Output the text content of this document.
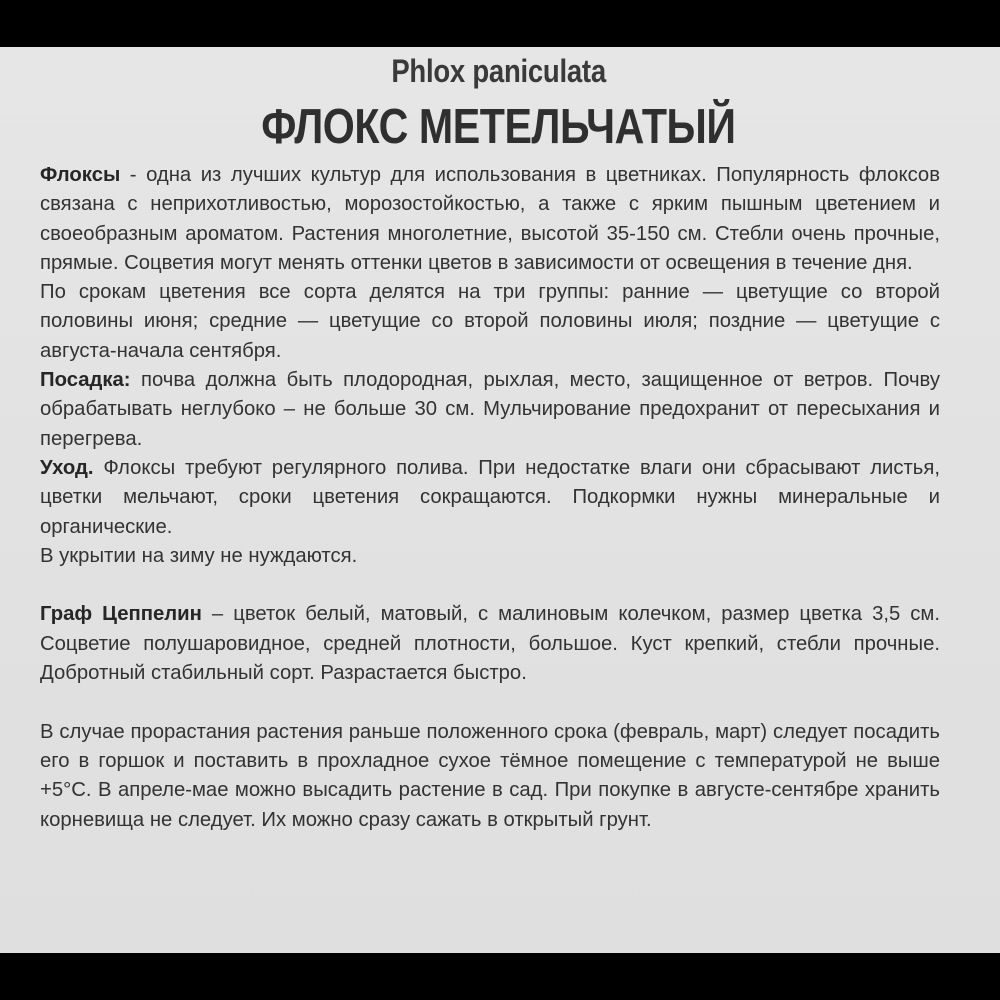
Phlox paniculata
ФЛОКС МЕТЕЛЬЧАТЫЙ

Флоксы - одна из лучших культур для использования в цветниках. Популярность флоксов связана с неприхотливостью, морозостойкостью, а также с ярким пышным цветением и своеобразным ароматом. Растения многолетние, высотой 35-150 см. Стебли очень прочные, прямые. Соцветия могут менять оттенки цветов в зависимости от освещения в течение дня.

По срокам цветения все сорта делятся на три группы: ранние — цветущие со второй половины июня; средние — цветущие со второй половины июля; поздние — цветущие с августа-начала сентября.

Посадка: почва должна быть плодородная, рыхлая, место, защищенное от ветров. Почву обрабатывать неглубоко – не больше 30 см. Мульчирование предохранит от пересыхания и перегрева.

Уход. Флоксы требуют регулярного полива. При недостатке влаги они сбрасывают листья, цветки мельчают, сроки цветения сокращаются. Подкормки нужны минеральные и органические.

В укрытии на зиму не нуждаются.

Граф Цеппелин – цветок белый, матовый, с малиновым колечком, размер цветка 3,5 см. Соцветие полушаровидное, средней плотности, большое. Куст крепкий, стебли прочные. Добротный стабильный сорт. Разрастается быстро.

В случае прорастания растения раньше положенного срока (февраль, март) следует посадить его в горшок и поставить в прохладное сухое тёмное помещение с температурой не выше +5°С. В апреле-мае можно высадить растение в сад. При покупке в августе-сентябре хранить корневища не следует. Их можно сразу сажать в открытый грунт.
